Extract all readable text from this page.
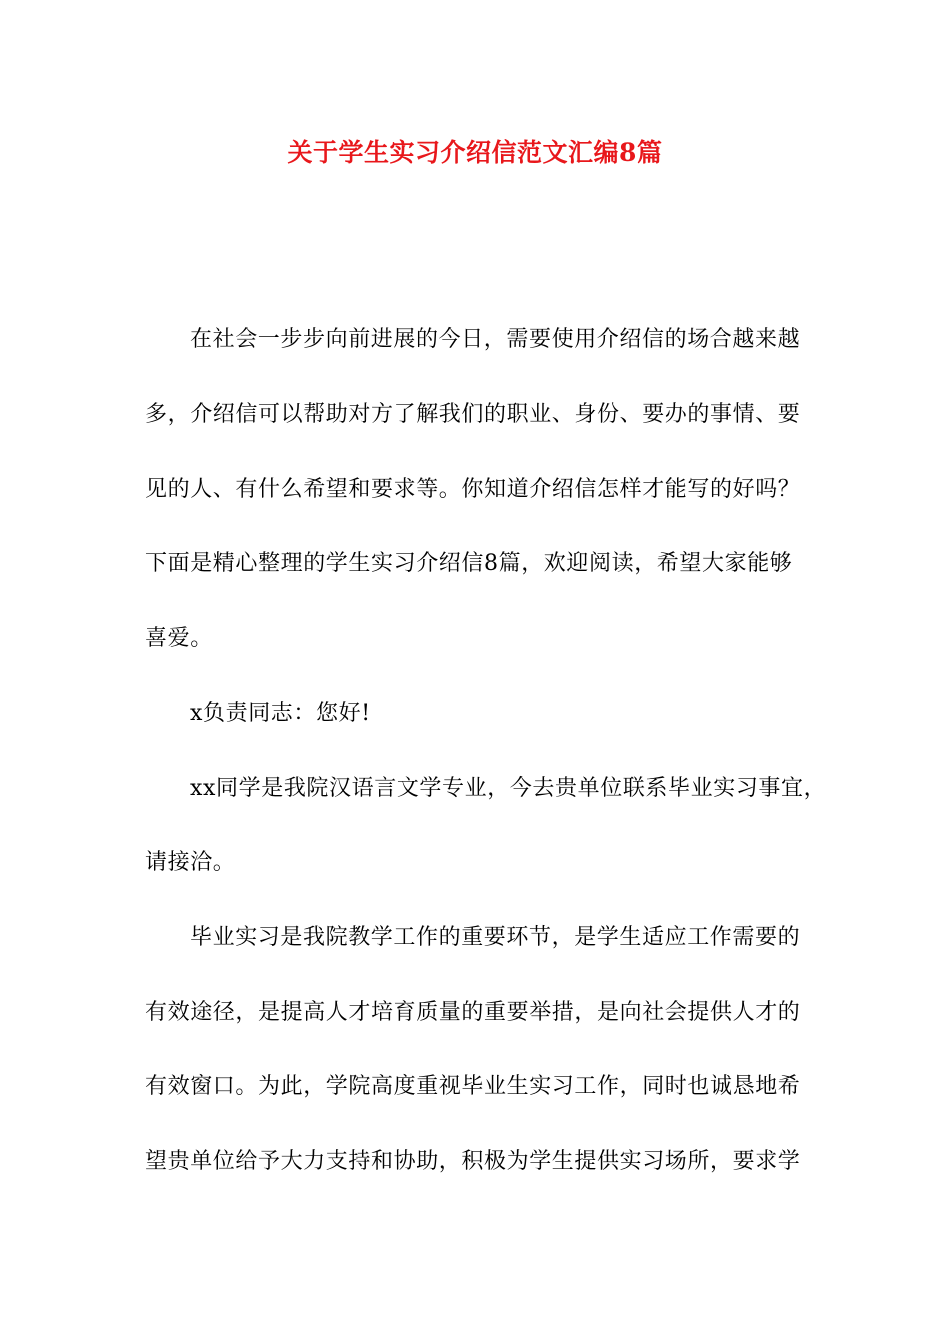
关于学生实习介绍信范文汇编8篇
在社会一步步向前进展的今日，需要使用介绍信的场合越来越
多，介绍信可以帮助对方了解我们的职业、身份、要办的事情、要
见的人、有什么希望和要求等。你知道介绍信怎样才能写的好吗？
下面是精心整理的学生实习介绍信8篇，欢迎阅读，希望大家能够
喜爱。
x负责同志：您好!
xx同学是我院汉语言文学专业，今去贵单位联系毕业实习事宜，
请接洽。
毕业实习是我院教学工作的重要环节，是学生适应工作需要的
有效途径，是提高人才培育质量的重要举措，是向社会提供人才的
有效窗口。为此，学院高度重视毕业生实习工作，同时也诚恳地希
望贵单位给予大力支持和协助，积极为学生提供实习场所，要求学
